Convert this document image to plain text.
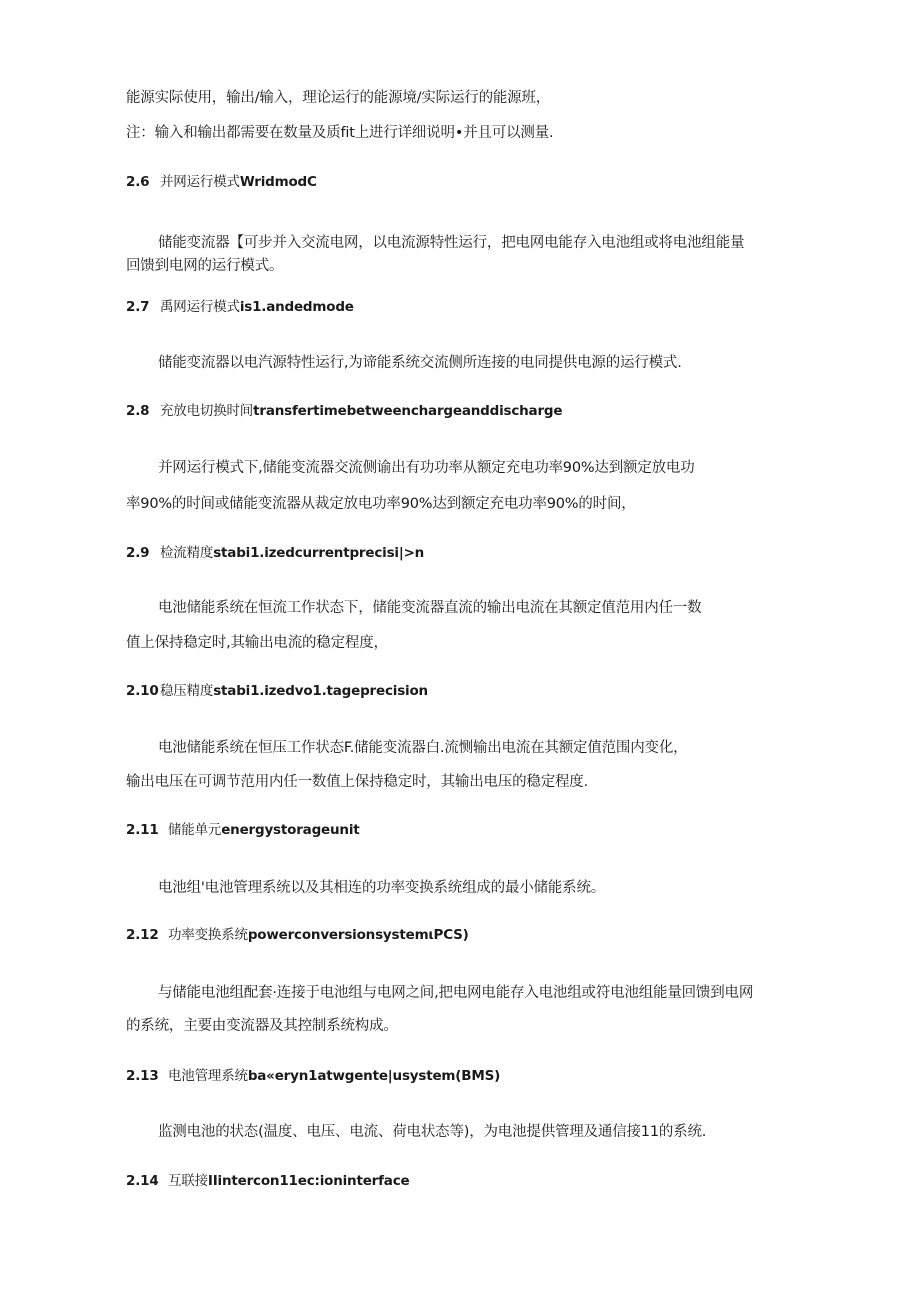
能源实际使用，输出/输入，理论运行的能源境/实际运行的能源班，
注：输入和输出都需要在数量及质fit上进行详细说明•并且可以测量.
2.6 并网运行模式WridmodC
储能变流器【可步并入交流电网，以电流源特性运行，把电网电能存入电池组或将电池组能量
回馈到电网的运行模式。
2.7 禹网运行模式is1.andedmode
储能变流器以电汽源特性运行,为谛能系统交流侧所连接的电同提供电源的运行模式.
2.8 充放电切换时间transfertimebetweenchargeanddischarge
并网运行模式下,储能变流器交流侧谕出有功功率从额定充电功率90%达到额定放电功
率90%的时间或储能变流器从裁定放电功率90%达到额定充电功率90%的时间，
2.9 检流精度stabi1.izedcurrentprecisi|>n
电池储能系统在恒流工作状态下，储能变流器直流的输出电流在其额定值范用内任一数
值上保持稳定时,其输出电流的稳定程度，
2.10稳压精度stabi1.izedvo1.tageprecision
电池储能系统在恒压工作状态F.储能变流器白.流恻输出电流在其额定值范围内变化，
输出电压在可调节范用内任一数值上保持稳定时，其输出电压的稳定程度.
2.11 储能单元energystorageunit
电池组'电池管理系统以及其相连的功率变换系统组成的最小储能系统。
2.12 功率变换系统powerconversionsystemιPCS)
与储能电池组配套·连接于电池组与电网之间,把电网电能存入电池组或符电池组能量回馈到电网
的系统，主要由变流器及其控制系统构成。
2.13 电池管理系统ba«eryn1atwgente|usystem(BMS)
监测电池的状态(温度、电压、电流、荷电状态等)，为电池提供管理及通信接11的系统.
2.14 互联接IIintercon11ec:ioninterface
